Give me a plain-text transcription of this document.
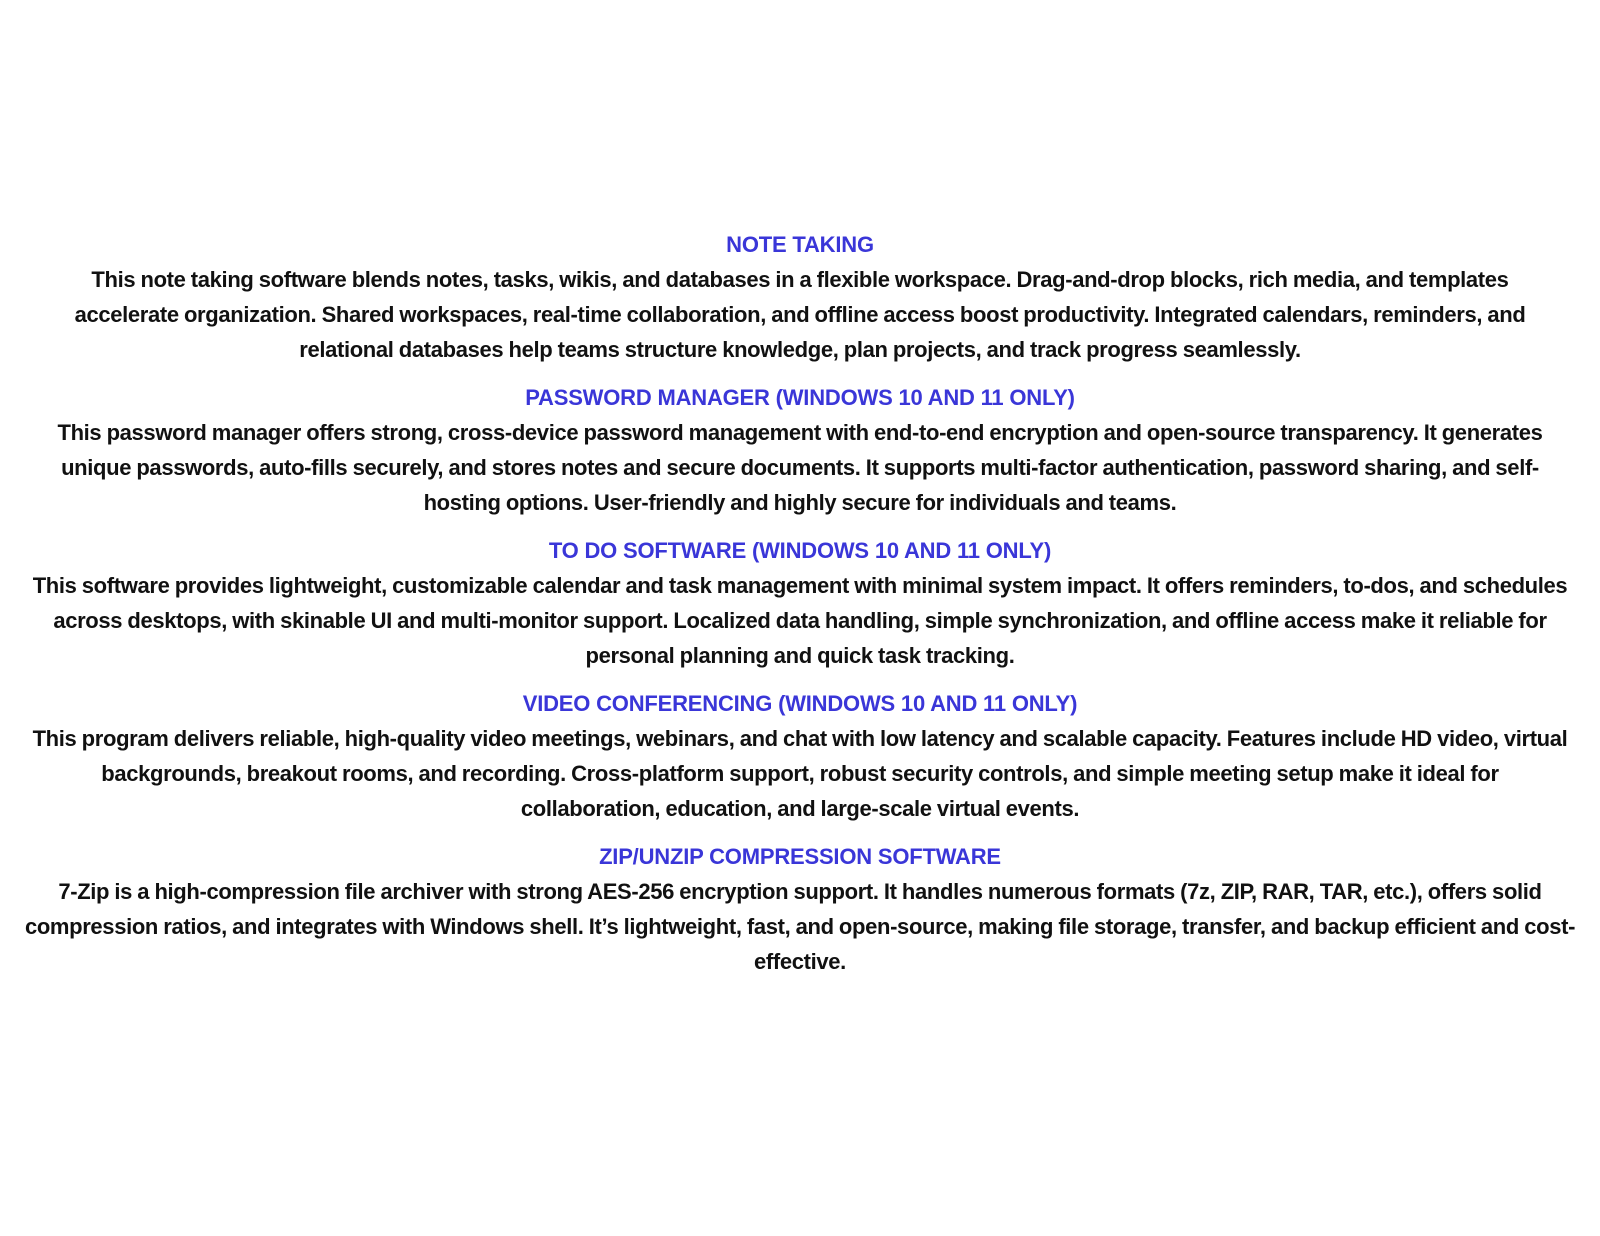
NOTE TAKING

This note taking software blends notes, tasks, wikis, and databases in a flexible workspace. Drag-and-drop blocks, rich media, and templates accelerate organization. Shared workspaces, real-time collaboration, and offline access boost productivity. Integrated calendars, reminders, and relational databases help teams structure knowledge, plan projects, and track progress seamlessly.

PASSWORD MANAGER (WINDOWS 10 AND 11 ONLY)

This password manager offers strong, cross-device password management with end-to-end encryption and open-source transparency. It generates unique passwords, auto-fills securely, and stores notes and secure documents. It supports multi-factor authentication, password sharing, and self-hosting options. User-friendly and highly secure for individuals and teams.

TO DO SOFTWARE (WINDOWS 10 AND 11 ONLY)

This software provides lightweight, customizable calendar and task management with minimal system impact. It offers reminders, to-dos, and schedules across desktops, with skinable UI and multi-monitor support. Localized data handling, simple synchronization, and offline access make it reliable for personal planning and quick task tracking.

VIDEO CONFERENCING (WINDOWS 10 AND 11 ONLY)

This program delivers reliable, high-quality video meetings, webinars, and chat with low latency and scalable capacity. Features include HD video, virtual backgrounds, breakout rooms, and recording. Cross-platform support, robust security controls, and simple meeting setup make it ideal for collaboration, education, and large-scale virtual events.

ZIP/UNZIP COMPRESSION SOFTWARE

7-Zip is a high-compression file archiver with strong AES-256 encryption support. It handles numerous formats (7z, ZIP, RAR, TAR, etc.), offers solid compression ratios, and integrates with Windows shell. It’s lightweight, fast, and open-source, making file storage, transfer, and backup efficient and cost-effective.
